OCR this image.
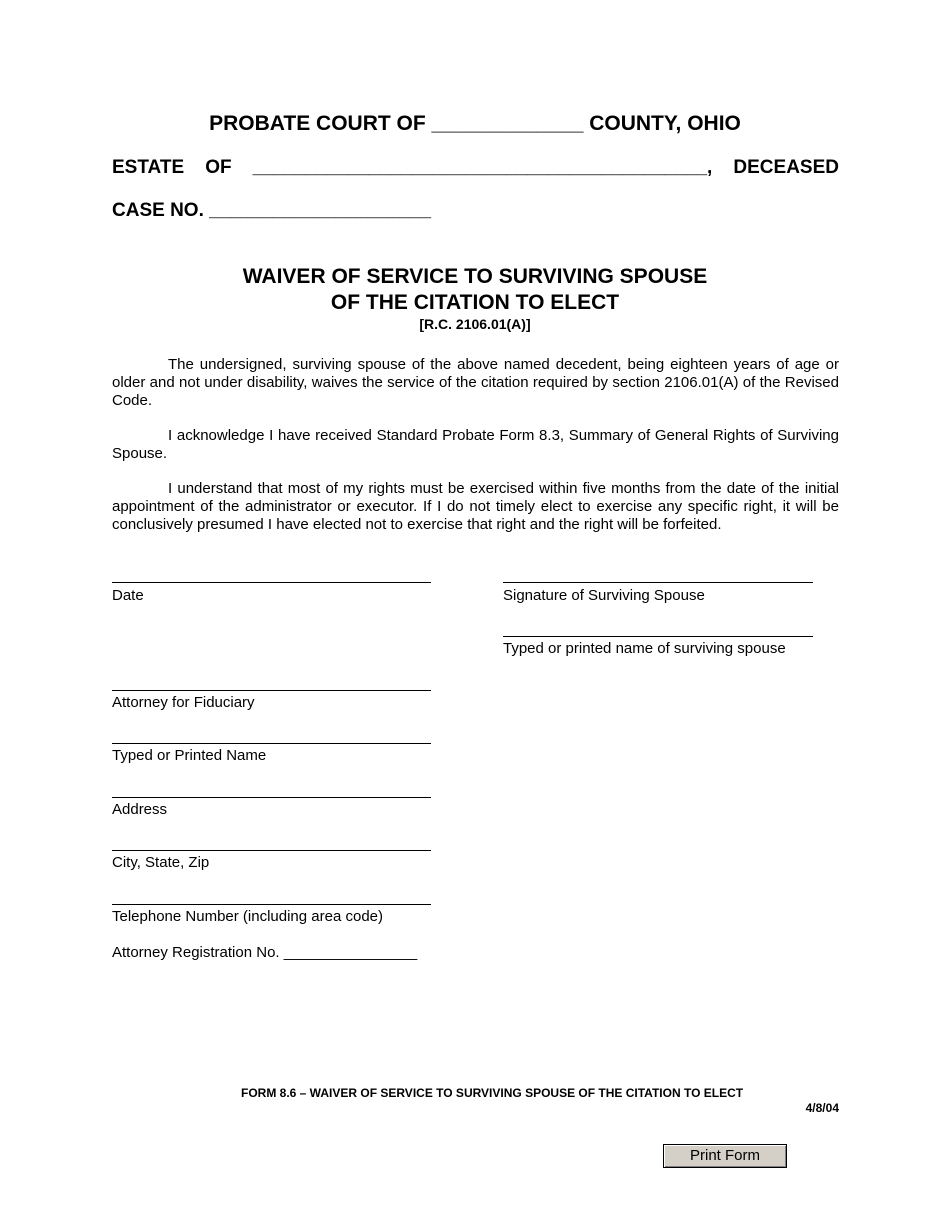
PROBATE COURT OF _____________ COUNTY, OHIO
ESTATE OF ___________________________________________, DECEASED
CASE NO. _____________________
WAIVER OF SERVICE TO SURVIVING SPOUSE
OF THE CITATION TO ELECT
[R.C. 2106.01(A)]
The undersigned, surviving spouse of the above named decedent, being eighteen years of age or older and not under disability, waives the service of the citation required by section 2106.01(A) of the Revised Code.
I acknowledge I have received Standard Probate Form 8.3, Summary of General Rights of Surviving Spouse.
I understand that most of my rights must be exercised within five months from the date of the initial appointment of the administrator or executor. If I do not timely elect to exercise any specific right, it will be conclusively presumed I have elected not to exercise that right and the right will be forfeited.
Date
Attorney for Fiduciary
Typed or Printed Name
Address
City, State, Zip
Telephone Number (including area code)
Attorney Registration No. ________________
Signature of Surviving Spouse
Typed or printed name of surviving spouse
FORM 8.6 – WAIVER OF SERVICE TO SURVIVING SPOUSE OF THE CITATION TO ELECT
4/8/04
Print Form
